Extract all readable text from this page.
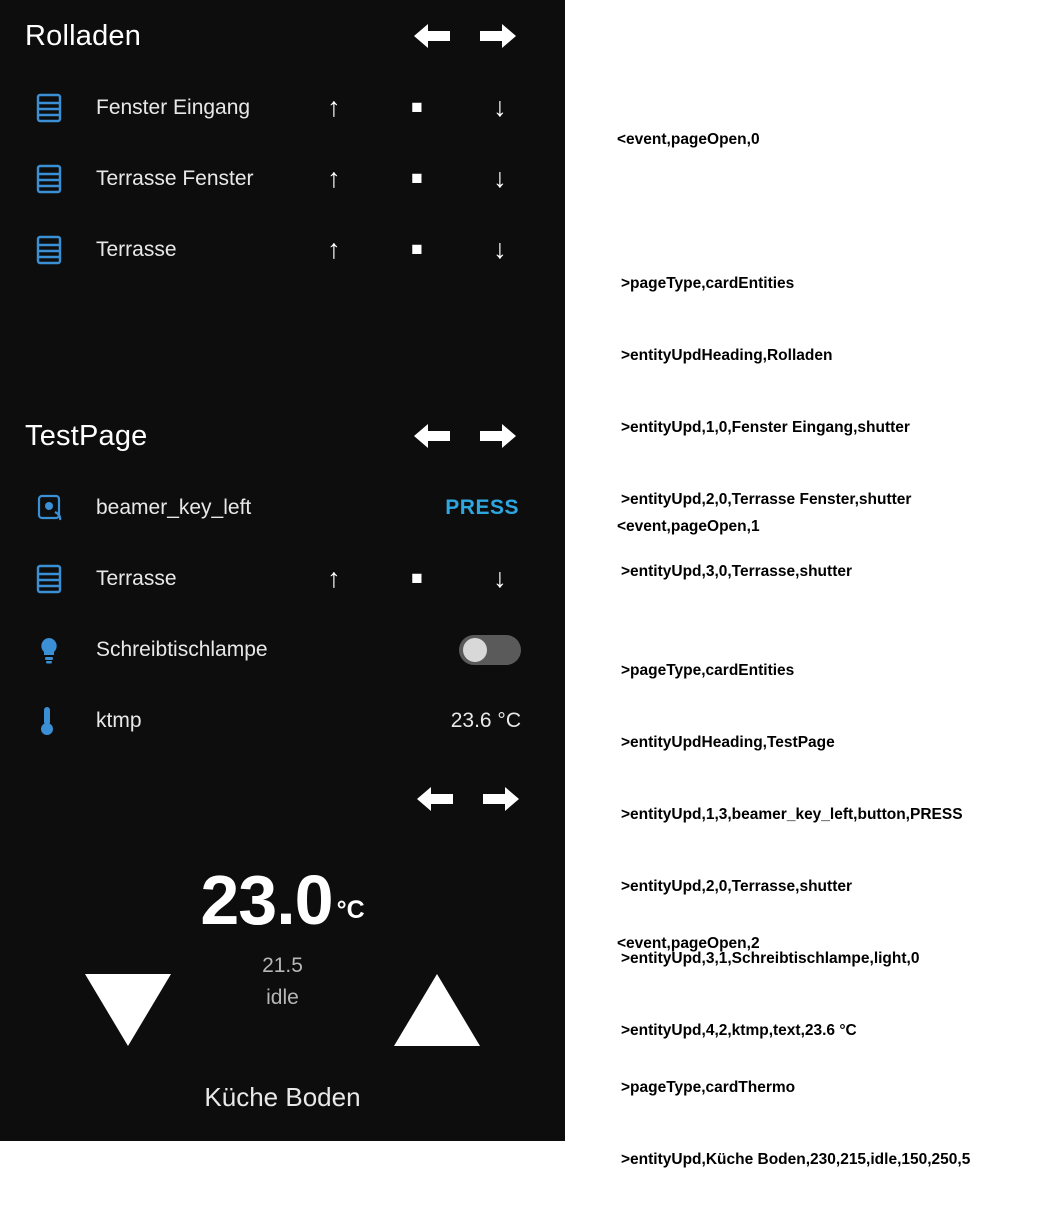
Rolladen
Fenster Eingang	↑	■	↓
Terrasse Fenster	↑	■	↓
Terrasse	↑	■	↓
TestPage
beamer_key_left	PRESS
Terrasse	↑	■	↓
Schreibtischlampe
ktmp	23.6 °C
23.0 °C
21.5
idle
Küche Boden

<event,pageOpen,0

>pageType,cardEntities

>entityUpdHeading,Rolladen

>entityUpd,1,0,Fenster Eingang,shutter

>entityUpd,2,0,Terrasse Fenster,shutter

>entityUpd,3,0,Terrasse,shutter

<event,pageOpen,1

>pageType,cardEntities

>entityUpdHeading,TestPage

>entityUpd,1,3,beamer_key_left,button,PRESS

>entityUpd,2,0,Terrasse,shutter

>entityUpd,3,1,Schreibtischlampe,light,0

>entityUpd,4,2,ktmp,text,23.6 °C

<event,pageOpen,2

>pageType,cardThermo

>entityUpd,Küche Boden,230,215,idle,150,250,5
